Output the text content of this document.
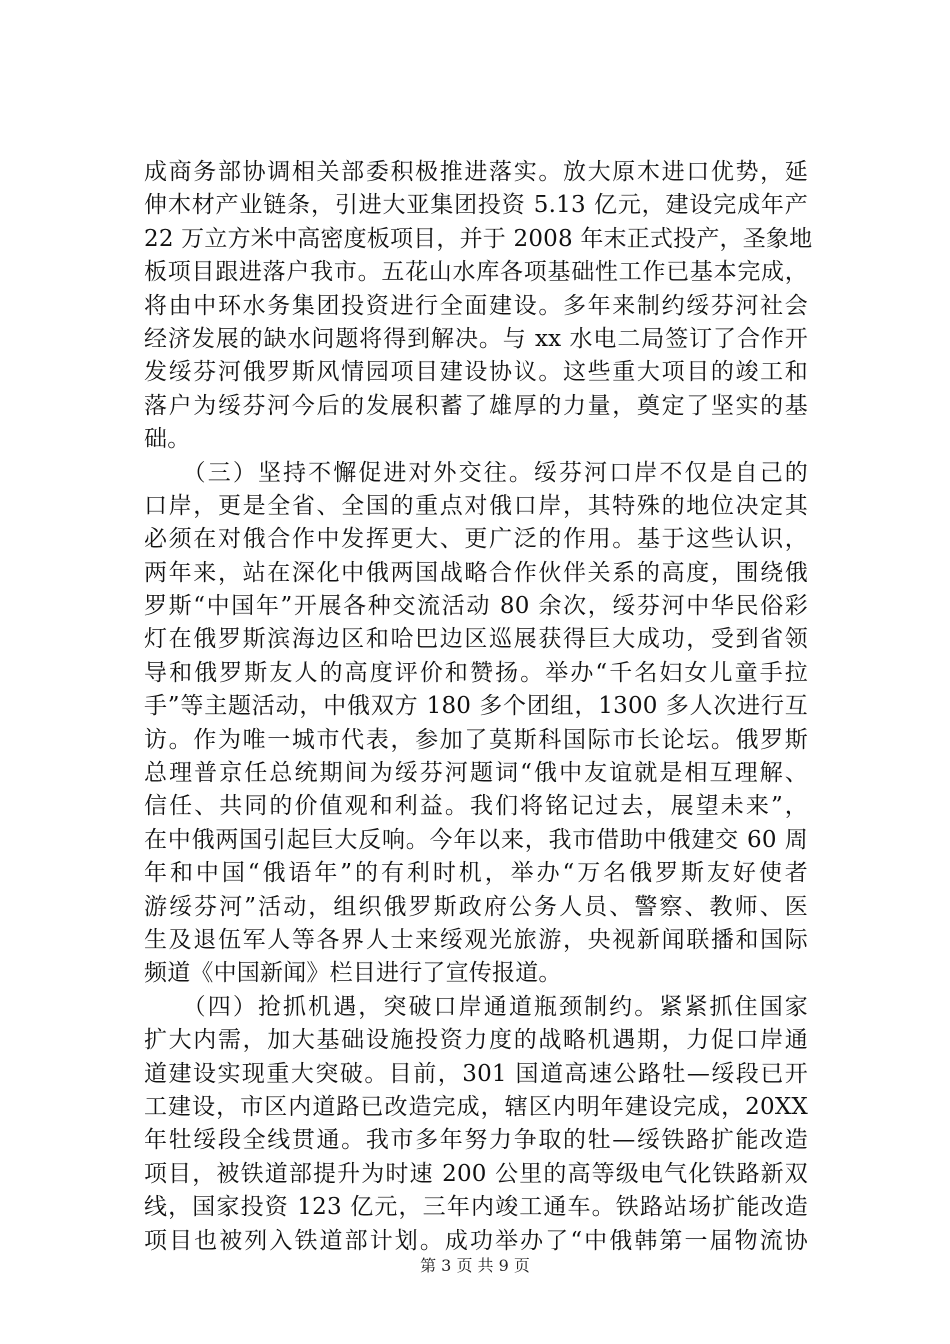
成商务部协调相关部委积极推进落实。放大原木进口优势，延
伸木材产业链条，引进大亚集团投资 5.13 亿元，建设完成年产
22 万立方米中高密度板项目，并于 2008 年末正式投产，圣象地
板项目跟进落户我市。五花山水库各项基础性工作已基本完成，
将由中环水务集团投资进行全面建设。多年来制约绥芬河社会
经济发展的缺水问题将得到解决。与 xx 水电二局签订了合作开
发绥芬河俄罗斯风情园项目建设协议。这些重大项目的竣工和
落户为绥芬河今后的发展积蓄了雄厚的力量，奠定了坚实的基
础。
　　（三）坚持不懈促进对外交往。绥芬河口岸不仅是自己的
口岸，更是全省、全国的重点对俄口岸，其特殊的地位决定其
必须在对俄合作中发挥更大、更广泛的作用。基于这些认识，
两年来，站在深化中俄两国战略合作伙伴关系的高度，围绕俄
罗斯“中国年”开展各种交流活动 80 余次，绥芬河中华民俗彩
灯在俄罗斯滨海边区和哈巴边区巡展获得巨大成功，受到省领
导和俄罗斯友人的高度评价和赞扬。举办“千名妇女儿童手拉
手”等主题活动，中俄双方 180 多个团组，1300 多人次进行互
访。作为唯一城市代表，参加了莫斯科国际市长论坛。俄罗斯
总理普京任总统期间为绥芬河题词“俄中友谊就是相互理解、
信任、共同的价值观和利益。我们将铭记过去，展望未来”，
在中俄两国引起巨大反响。今年以来，我市借助中俄建交 60 周
年和中国“俄语年”的有利时机，举办“万名俄罗斯友好使者
游绥芬河”活动，组织俄罗斯政府公务人员、警察、教师、医
生及退伍军人等各界人士来绥观光旅游，央视新闻联播和国际
频道《中国新闻》栏目进行了宣传报道。
　　（四）抢抓机遇，突破口岸通道瓶颈制约。紧紧抓住国家
扩大内需，加大基础设施投资力度的战略机遇期，力促口岸通
道建设实现重大突破。目前，301 国道高速公路牡—绥段已开
工建设，市区内道路已改造完成，辖区内明年建设完成，20XX
年牡绥段全线贯通。我市多年努力争取的牡—绥铁路扩能改造
项目，被铁道部提升为时速 200 公里的高等级电气化铁路新双
线，国家投资 123 亿元，三年内竣工通车。铁路站场扩能改造
项目也被列入铁道部计划。成功举办了“中俄韩第一届物流协
第 3 页 共 9 页
